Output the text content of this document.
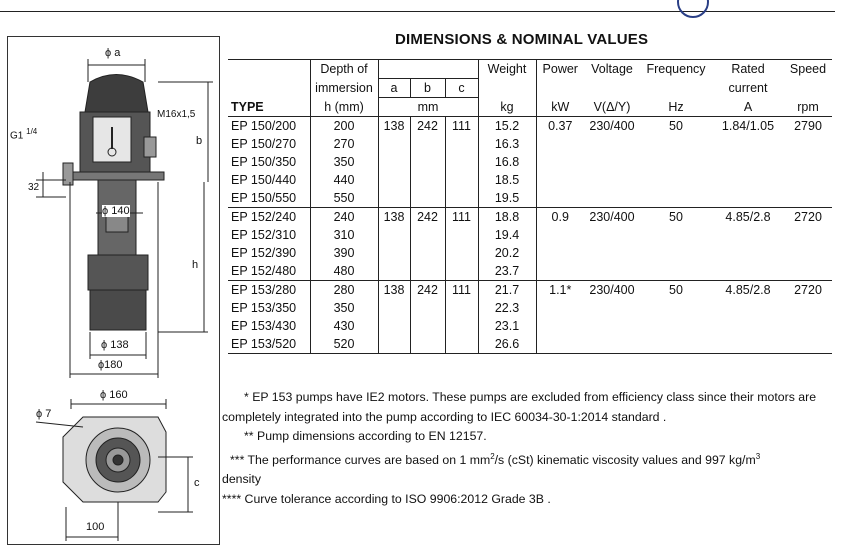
ϕ a
M16x1,5
G1 $^{1/4}$
b
32
ϕ 140
h
ϕ 138
ϕ180
ϕ 160
ϕ 7
c
100
DIMENSIONS & NOMINAL VALUES
	Depth of				Weight	Power	Voltage	Frequency	Rated	Speed
	immersion	a	b	c					current	
TYPE	h (mm)	mm			kg	kW	V(Δ/Y)	Hz	A	rpm
EP 150/200	200	138	242	111	15.2	0.37	230/400	50	1.84/1.05	2790
EP 150/270	270				16.3					
EP 150/350	350				16.8					
EP 150/440	440				18.5					
EP 150/550	550				19.5					
EP 152/240	240	138	242	111	18.8	0.9	230/400	50	4.85/2.8	2720
EP 152/310	310				19.4					
EP 152/390	390				20.2					
EP 152/480	480				23.7					
EP 153/280	280	138	242	111	21.7	1.1*	230/400	50	4.85/2.8	2720
EP 153/350	350				22.3					
EP 153/430	430				23.1					
EP 153/520	520				26.6					

* EP 153 pumps have IE2 motors. These pumps are excluded from efficiency class since their motors are completely integrated into the pump according to IEC 60034-30-1:2014 standard .

** Pump dimensions according to EN 12157.

*** The performance curves are based on 1 $mm^2/s$ (cSt) kinematic viscosity values and 997 $kg/m^3$
density

**** Curve tolerance according to ISO 9906:2012 Grade 3B .
